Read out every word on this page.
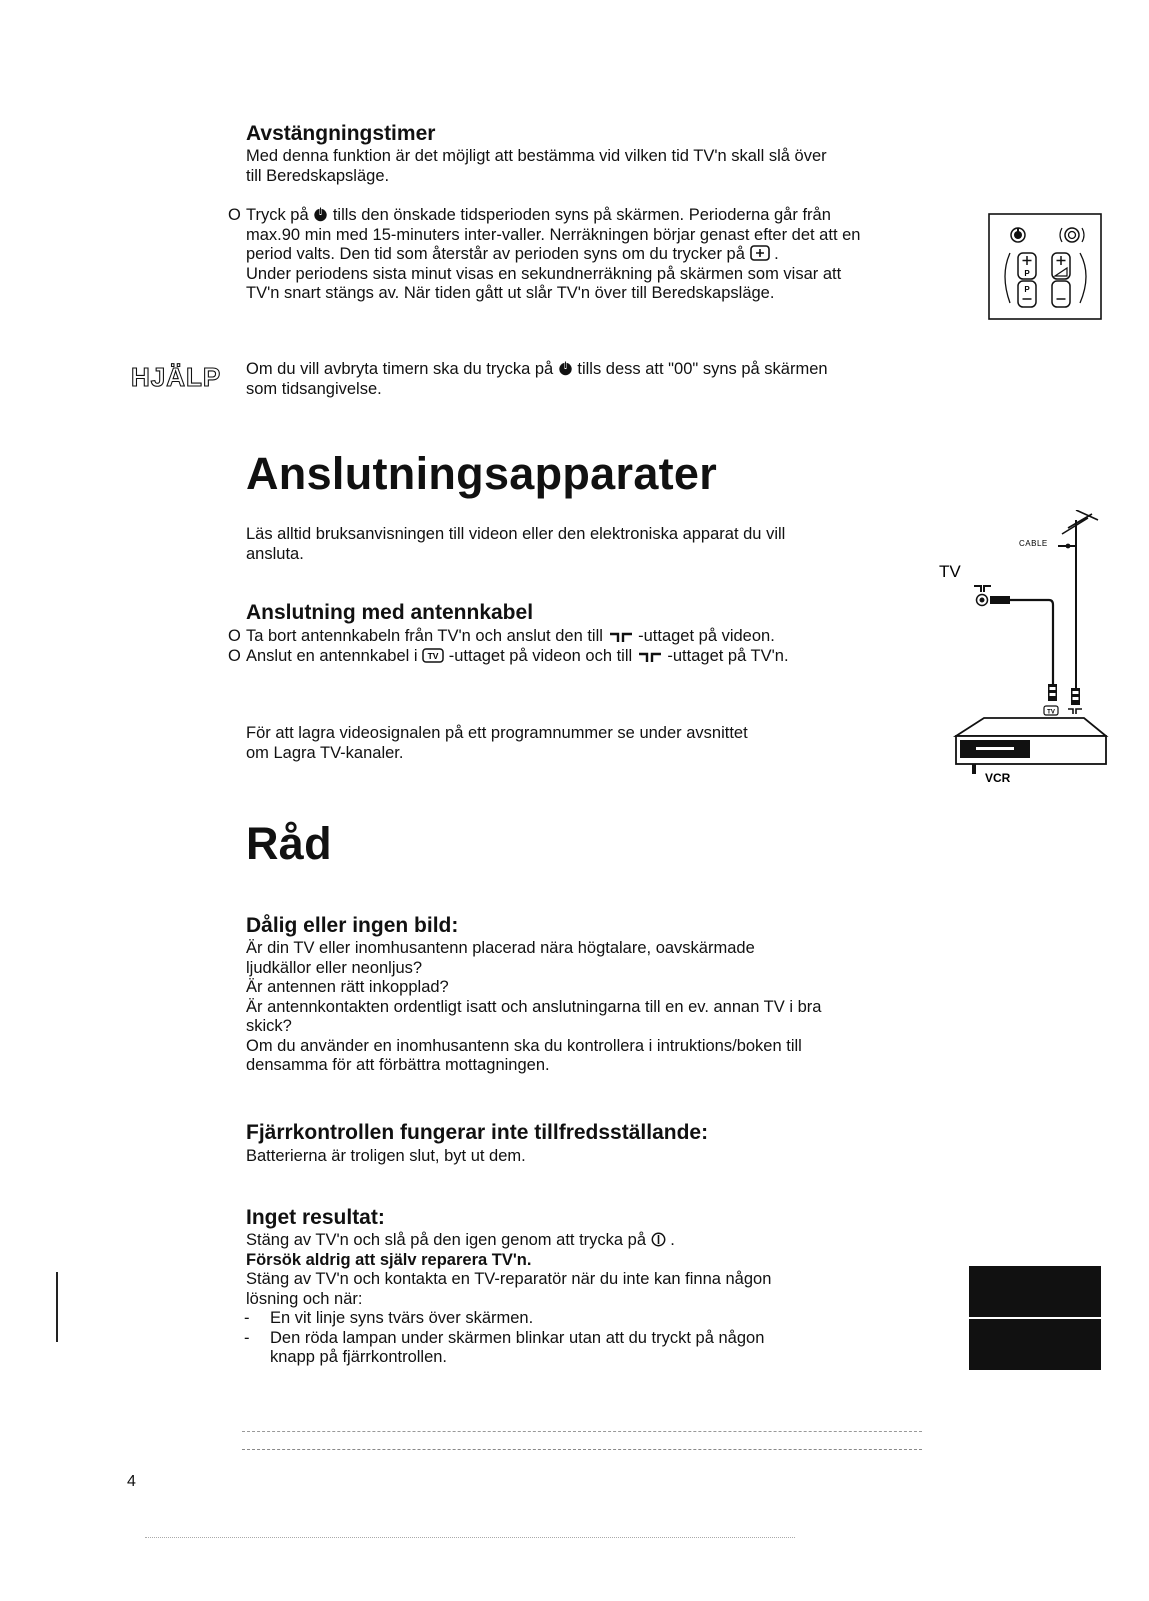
Avstängningstimer

Med denna funktion är det möjligt att bestämma vid vilken tid TV'n skall slå över till Beredskapsläge.

O Tryck på tills den önskade tidsperioden syns på skärmen. Perioderna går från max.90 min med 15-minuters inter-valler. Nerräkningen börjar genast efter det att en period valts. Den tid som återstår av perioden syns om du trycker på .
Under periodens sista minut visas en sekundnerräkning på skärmen som visar att TV'n snart stängs av. När tiden gått ut slår TV'n över till Beredskapsläge.
P
P
HJÄLP Om du vill avbryta timern ska du trycka på tills dess att "00" syns på skärmen som tidsangivelse.

Anslutningsapparater

Läs alltid bruksanvisningen till videon eller den elektroniska apparat du vill ansluta.

Anslutning med antennkabel

O Ta bort antennkabeln från TV'n och anslut den till -uttaget på videon.
O Anslut en antennkabel i TV -uttaget på videon och till -uttaget på TV'n.

För att lagra videosignalen på ett programnummer se under avsnittet om Lagra TV-kanaler.

CABLE
TV
TV
VCR

Råd

Dålig eller ingen bild:

Är din TV eller inomhusantenn placerad nära högtalare, oavskärmade ljudkällor eller neonljus?

Är antennen rätt inkopplad?

Är antennkontakten ordentligt isatt och anslutningarna till en ev. annan TV i bra skick?

Om du använder en inomhusantenn ska du kontrollera i intruktions/boken till densamma för att förbättra mottagningen.

Fjärrkontrollen fungerar inte tillfredsställande:

Batterierna är troligen slut, byt ut dem.

Inget resultat:

Stäng av TV'n och slå på den igen genom att trycka på .

Försök aldrig att själv reparera TV'n.

Stäng av TV'n och kontakta en TV-reparatör när du inte kan finna någon lösning och när:

- En vit linje syns tvärs över skärmen.

- Den röda lampan under skärmen blinkar utan att du tryckt på någon knapp på fjärrkontrollen.

4
